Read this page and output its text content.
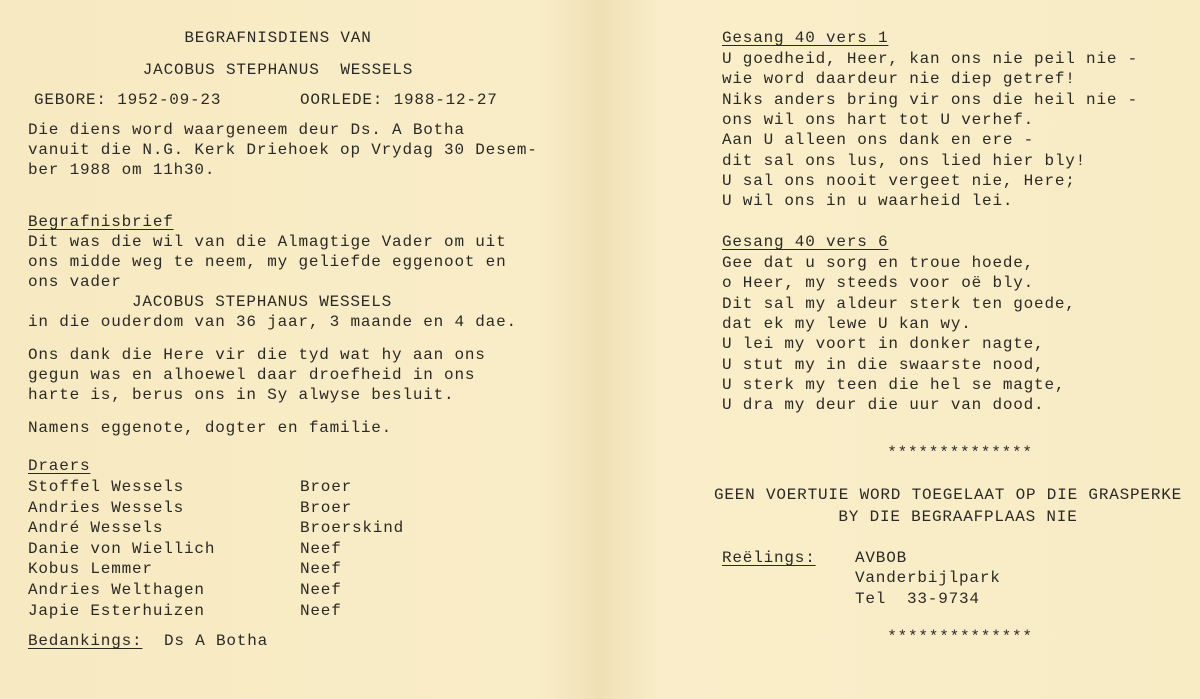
BEGRAFNISDIENS VAN
JACOBUS STEPHANUS  WESSELS
GEBORE: 1952-09-23	OORLEDE: 1988-12-27
Die diens word waargeneem deur Ds. A Botha
vanuit die N.G. Kerk Driehoek op Vrydag 30 Desem-
ber 1988 om 11h30.
Begrafnisbrief
Dit was die wil van die Almagtige Vader om uit
ons midde weg te neem, my geliefde eggenoot en
ons vader
JACOBUS STEPHANUS WESSELS
in die ouderdom van 36 jaar, 3 maande en 4 dae.
Ons dank die Here vir die tyd wat hy aan ons
gegun was en alhoewel daar droefheid in ons
harte is, berus ons in Sy alwyse besluit.
Namens eggenote, dogter en familie.
Draers
Stoffel Wessels	Broer
Andries Wessels	Broer
André Wessels	Broerskind
Danie von Wiellich	Neef
Kobus Lemmer	Neef
Andries Welthagen	Neef
Japie Esterhuizen	Neef
Bedankings: Ds A Botha
Gesang 40 vers 1
U goedheid, Heer, kan ons nie peil nie -
wie word daardeur nie diep getref!
Niks anders bring vir ons die heil nie -
ons wil ons hart tot U verhef.
Aan U alleen ons dank en ere -
dit sal ons lus, ons lied hier bly!
U sal ons nooit vergeet nie, Here;
U wil ons in u waarheid lei.
Gesang 40 vers 6
Gee dat u sorg en troue hoede,
o Heer, my steeds voor oë bly.
Dit sal my aldeur sterk ten goede,
dat ek my lewe U kan wy.
U lei my voort in donker nagte,
U stut my in die swaarste nood,
U sterk my teen die hel se magte,
U dra my deur die uur van dood.
**************
GEEN VOERTUIE WORD TOEGELAAT OP DIE GRASPERKE
BY DIE BEGRAAFPLAAS NIE
Reëlings: AVBOB
Vanderbijlpark
Tel  33-9734
**************
